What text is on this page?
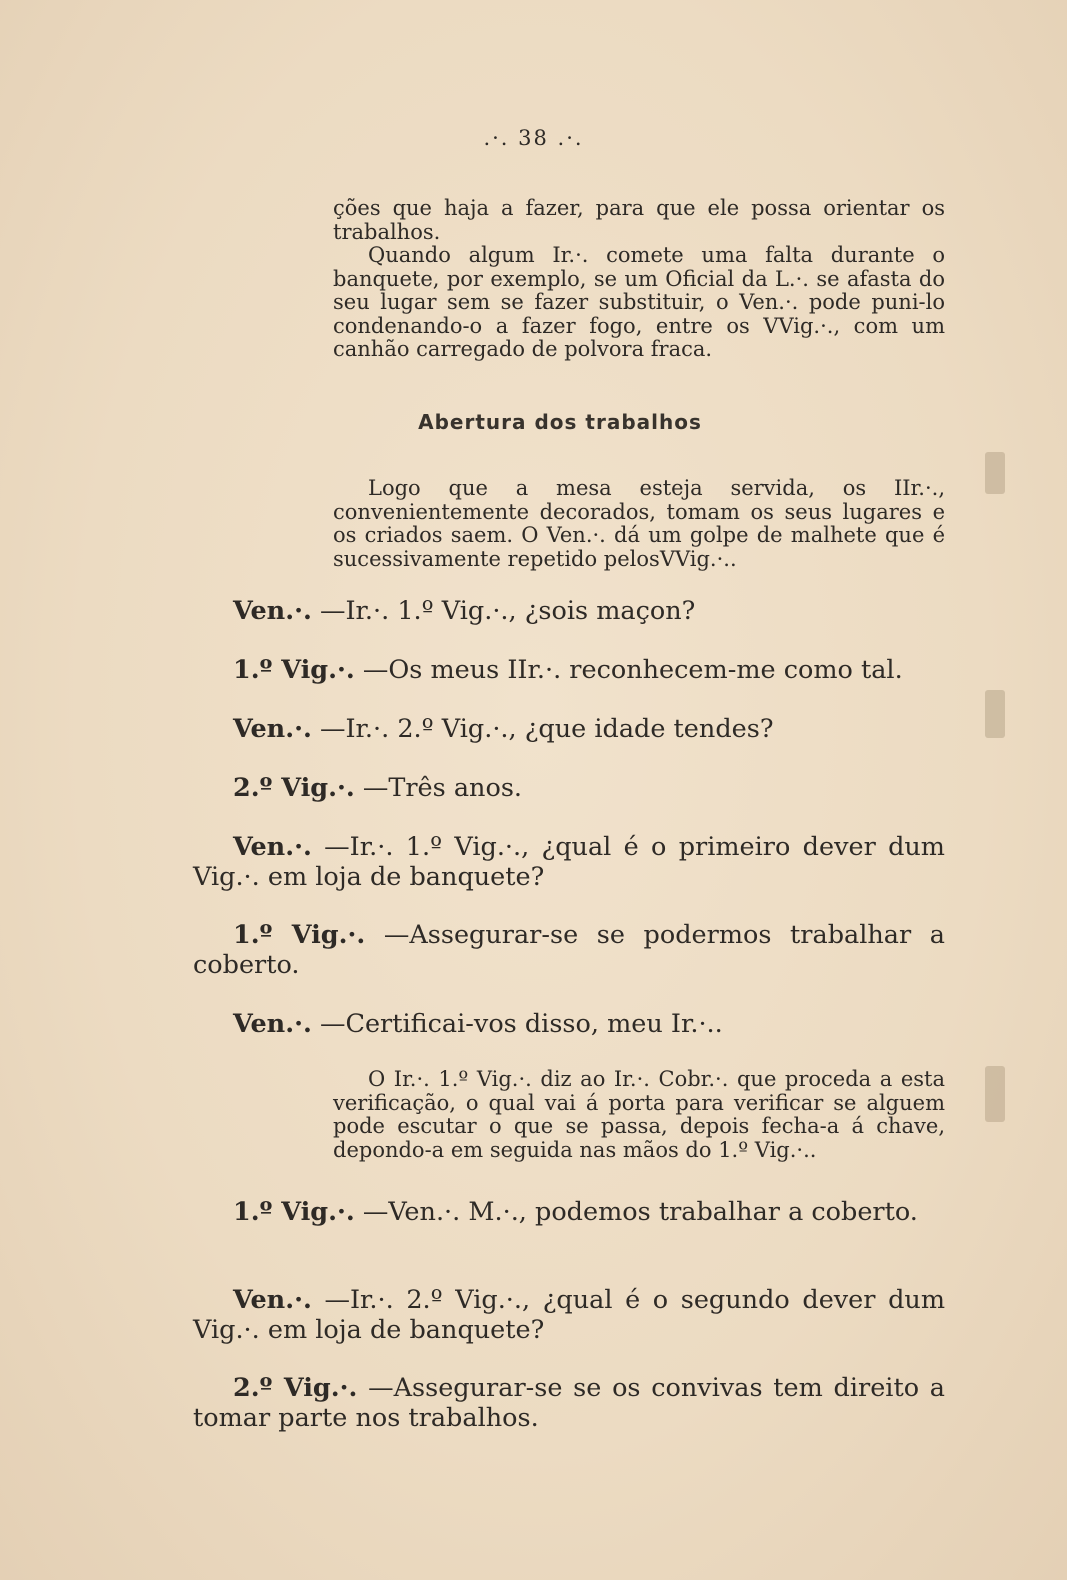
.·. 38 .·.

ções que haja a fazer, para que ele possa orientar os trabalhos.

Quando algum Ir.·. comete uma falta durante o banquete, por exemplo, se um Oficial da L.·. se afasta do seu lugar sem se fazer substituir, o Ven.·. pode puni-lo condenando-o a fazer fogo, entre os VVig.·., com um canhão carregado de polvora fraca.

Abertura dos trabalhos

Logo que a mesa esteja servida, os IIr.·., convenientemente decorados, tomam os seus lugares e os criados saem. O Ven.·. dá um golpe de malhete que é sucessivamente repetido pelosVVig.·..

Ven.·. —Ir.·. 1.º Vig.·., ¿sois maçon?

1.º Vig.·. —Os meus IIr.·. reconhecem-me como tal.

Ven.·. —Ir.·. 2.º Vig.·., ¿que idade tendes?

2.º Vig.·. —Três anos.

Ven.·. —Ir.·. 1.º Vig.·., ¿qual é o primeiro dever dum Vig.·. em loja de banquete?

1.º Vig.·. —Assegurar-se se podermos trabalhar a coberto.

Ven.·. —Certificai-vos disso, meu Ir.·..

O Ir.·. 1.º Vig.·. diz ao Ir.·. Cobr.·. que proceda a esta verificação, o qual vai á porta para verificar se alguem pode escutar o que se passa, depois fecha-a á chave, depondo-a em seguida nas mãos do 1.º Vig.·..

1.º Vig.·. —Ven.·. M.·., podemos trabalhar a coberto.

Ven.·. —Ir.·. 2.º Vig.·., ¿qual é o segundo dever dum Vig.·. em loja de banquete?

2.º Vig.·. —Assegurar-se se os convivas tem direito a tomar parte nos trabalhos.
